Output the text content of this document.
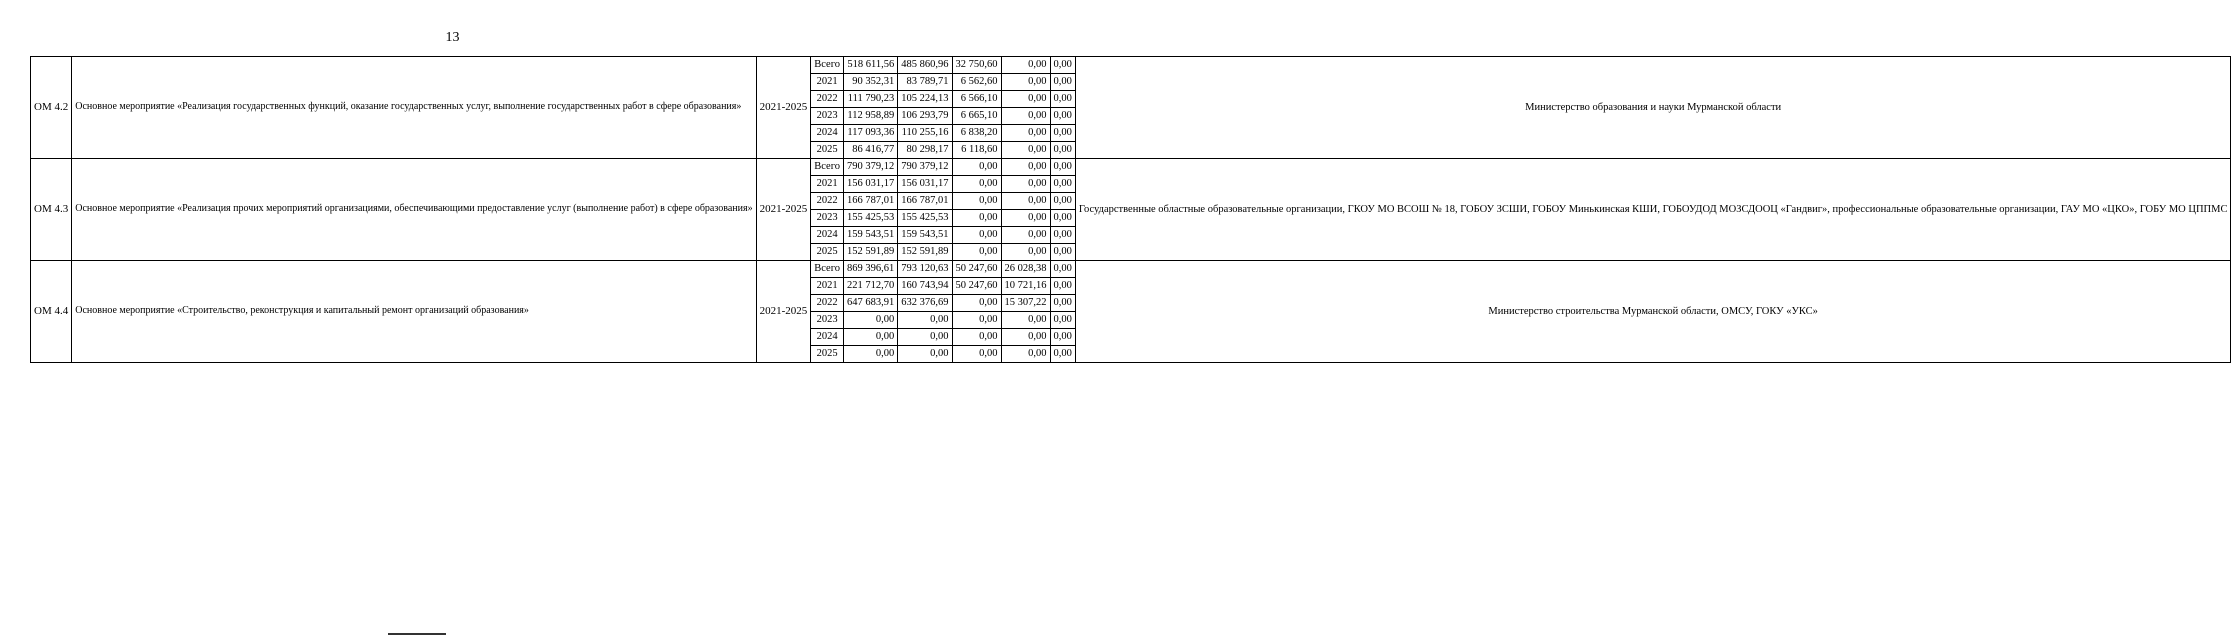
13
ОМ 4.2	Основное мероприятие «Реализация государственных функций, оказание государственных услуг, выполнение государственных работ в сфере образования»	2021-2025	Всего	518 611,56	485 860,96	32 750,60	0,00	0,00	Министерство образования и науки Мурманской области
			2021	90 352,31	83 789,71	6 562,60	0,00	0,00	
			2022	111 790,23	105 224,13	6 566,10	0,00	0,00	
			2023	112 958,89	106 293,79	6 665,10	0,00	0,00	
			2024	117 093,36	110 255,16	6 838,20	0,00	0,00	
			2025	86 416,77	80 298,17	6 118,60	0,00	0,00	
ОМ 4.3	Основное мероприятие «Реализация прочих мероприятий организациями, обеспечивающими предоставление услуг (выполнение работ) в сфере образования»	2021-2025	Всего	790 379,12	790 379,12	0,00	0,00	0,00	Государственные областные образовательные организации, ГКОУ МО ВСОШ № 18, ГОБОУ ЗСШИ, ГОБОУ Минькинская КШИ, ГОБОУДОД МОЗСДООЦ «Гандвиг», профессиональные образовательные организации, ГАУ МО «ЦКО», ГОБУ МО ЦППМС
			2021	156 031,17	156 031,17	0,00	0,00	0,00	
			2022	166 787,01	166 787,01	0,00	0,00	0,00	
			2023	155 425,53	155 425,53	0,00	0,00	0,00	
			2024	159 543,51	159 543,51	0,00	0,00	0,00	
			2025	152 591,89	152 591,89	0,00	0,00	0,00	
ОМ 4.4	Основное мероприятие «Строительство, реконструкция и капитальный ремонт организаций образования»	2021-2025	Всего	869 396,61	793 120,63	50 247,60	26 028,38	0,00	Министерство строительства Мурманской области, ОМСУ, ГОКУ «УКС»
			2021	221 712,70	160 743,94	50 247,60	10 721,16	0,00	
			2022	647 683,91	632 376,69	0,00	15 307,22	0,00	
			2023	0,00	0,00	0,00	0,00	0,00	
			2024	0,00	0,00	0,00	0,00	0,00	
			2025	0,00	0,00	0,00	0,00	0,00	
